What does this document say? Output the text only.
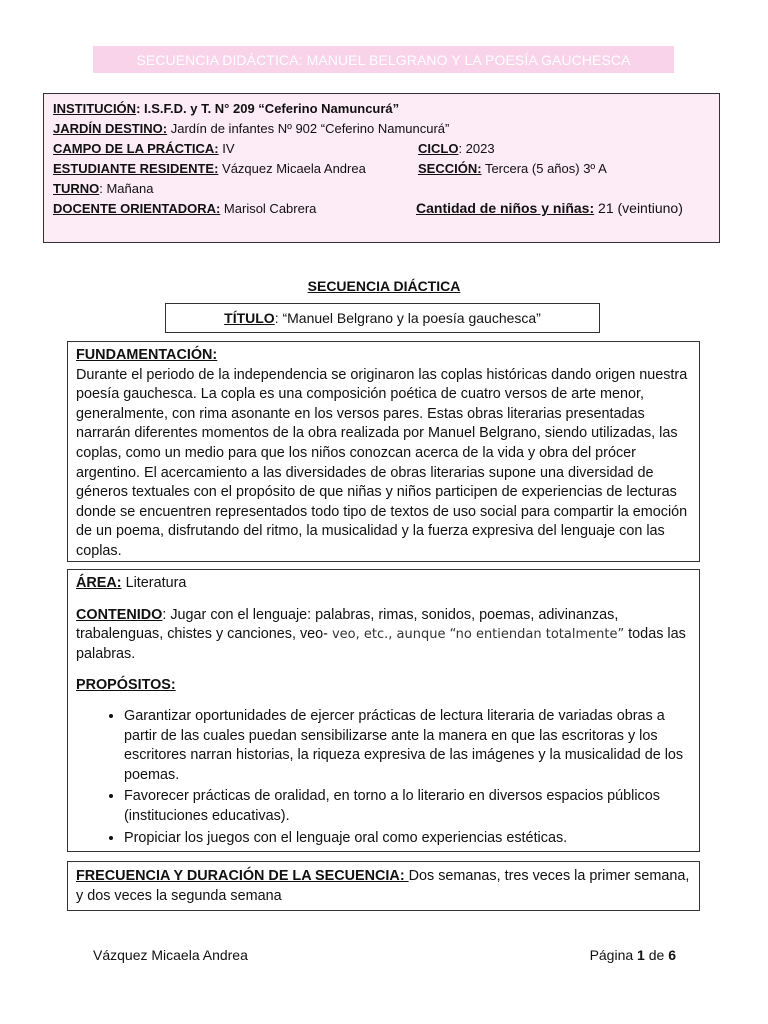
SECUENCIA DIDÁCTICA: MANUEL BELGRANO Y LA POESÍA GAUCHESCA
INSTITUCIÓN: I.S.F.D. y T. N° 209 “Ceferino Namuncurá”
JARDÍN DESTINO: Jardín de infantes Nº 902 “Ceferino Namuncurá”
CAMPO DE LA PRÁCTICA: IV	CICLO: 2023
ESTUDIANTE RESIDENTE: Vázquez Micaela Andrea	SECCIÓN: Tercera (5 años) 3º A
TURNO: Mañana
DOCENTE ORIENTADORA: Marisol Cabrera	Cantidad de niños y niñas: 21 (veintiuno)
SECUENCIA DIÁCTICA
TÍTULO : “Manuel Belgrano y la poesía gauchesca”
FUNDAMENTACIÓN:

Durante el periodo de la independencia se originaron las coplas históricas dando origen nuestra poesía gauchesca. La copla es una composición poética de cuatro versos de arte menor, generalmente, con rima asonante en los versos pares. Estas obras literarias presentadas narrarán diferentes momentos de la obra realizada por Manuel Belgrano, siendo utilizadas, las coplas, como un medio para que los niños conozcan acerca de la vida y obra del prócer argentino. El acercamiento a las diversidades de obras literarias supone una diversidad de géneros textuales con el propósito de que niñas y niños participen de experiencias de lecturas donde se encuentren representados todo tipo de textos de uso social para compartir la emoción de un poema, disfrutando del ritmo, la musicalidad y la fuerza expresiva del lenguaje con las coplas.

ÁREA: Literatura

CONTENIDO: Jugar con el lenguaje: palabras, rimas, sonidos, poemas, adivinanzas, trabalenguas, chistes y canciones, veo- veo, etc., aunque “no entiendan totalmente” todas las palabras.

PROPÓSITOS:
• Garantizar oportunidades de ejercer prácticas de lectura literaria de variadas obras a partir de las cuales puedan sensibilizarse ante la manera en que las escritoras y los escritores narran historias, la riqueza expresiva de las imágenes y la musicalidad de los poemas.
• Favorecer prácticas de oralidad, en torno a lo literario en diversos espacios públicos (instituciones educativas).
• Propiciar los juegos con el lenguaje oral como experiencias estéticas.
FRECUENCIA Y DURACIÓN DE LA SECUENCIA: Dos semanas, tres veces la primer semana, y dos veces la segunda semana
Vázquez Micaela Andrea	Página 1 de 6
